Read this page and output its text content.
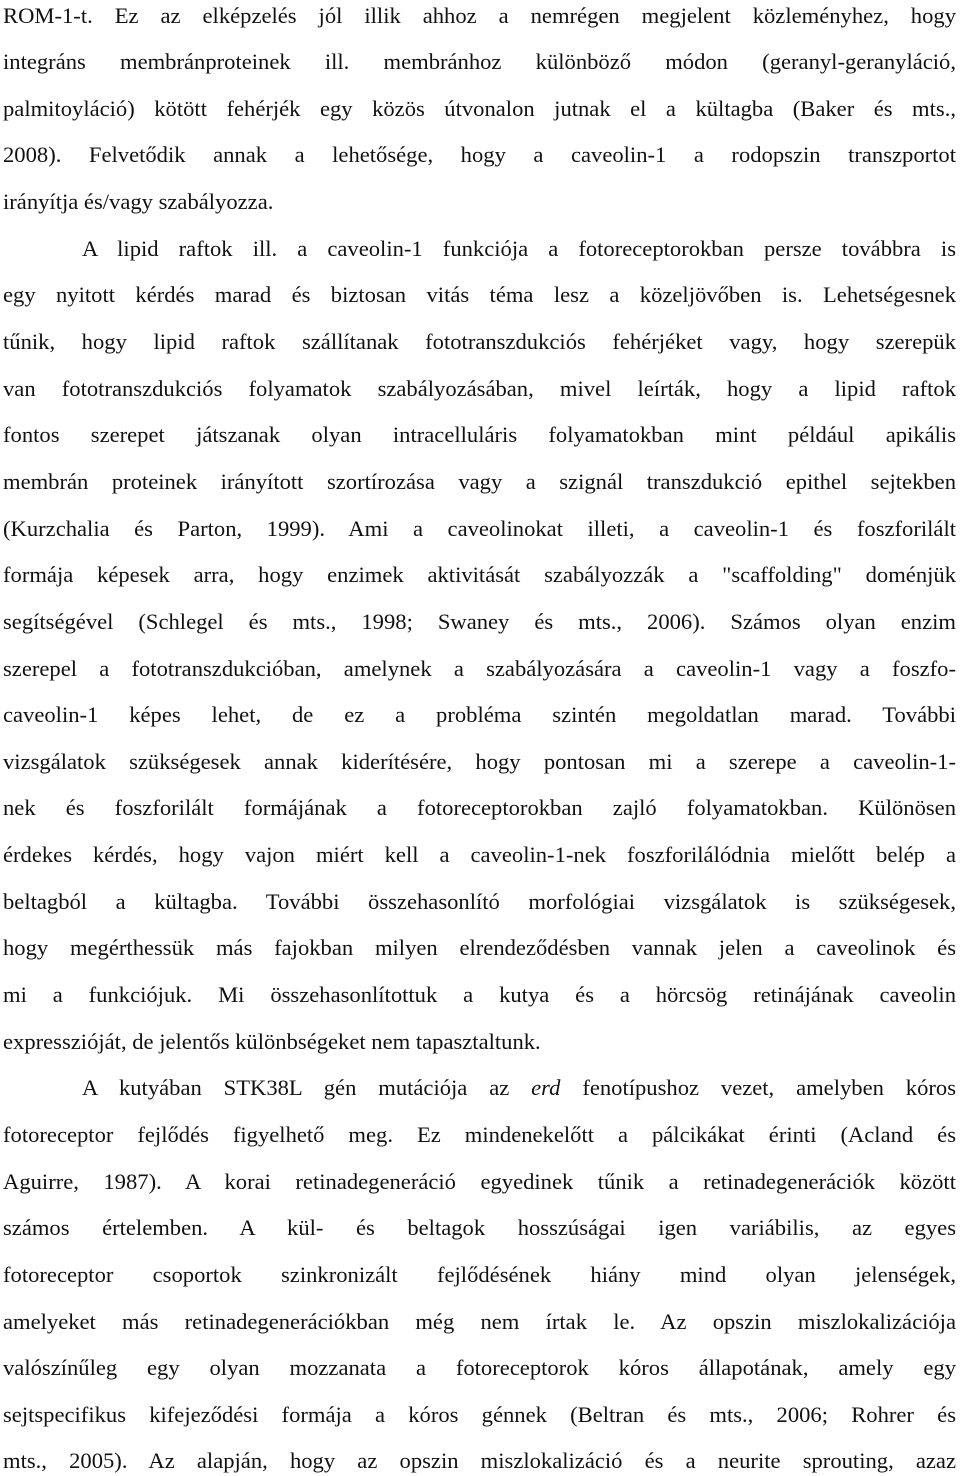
ROM-1-t. Ez az elképzelés jól illik ahhoz a nemrégen megjelent közleményhez, hogy
integráns membránproteinek ill. membránhoz különböző módon (geranyl-geranyláció,
palmitoyláció) kötött fehérjék egy közös útvonalon jutnak el a kültagba (Baker és mts.,
2008). Felvetődik annak a lehetősége, hogy a caveolin-1 a rodopszin transzportot
irányítja és/vagy szabályozza.
A lipid raftok ill. a caveolin-1 funkciója a fotoreceptorokban persze továbbra is
egy nyitott kérdés marad és biztosan vitás téma lesz a közeljövőben is. Lehetségesnek
tűnik, hogy lipid raftok szállítanak fototranszdukciós fehérjéket vagy, hogy szerepük
van fototranszdukciós folyamatok szabályozásában, mivel leírták, hogy a lipid raftok
fontos szerepet játszanak olyan intracelluláris folyamatokban mint például apikális
membrán proteinek irányított szortírozása vagy a szignál transzdukció epithel sejtekben
(Kurzchalia és Parton, 1999). Ami a caveolinokat illeti, a caveolin-1 és foszforilált
formája képesek arra, hogy enzimek aktivitását szabályozzák a "scaffolding" doménjük
segítségével (Schlegel és mts., 1998; Swaney és mts., 2006). Számos olyan enzim
szerepel a fototranszdukcióban, amelynek a szabályozására a caveolin-1 vagy a foszfo-
caveolin-1 képes lehet, de ez a probléma szintén megoldatlan marad. További
vizsgálatok szükségesek annak kiderítésére, hogy pontosan mi a szerepe a caveolin-1-
nek és foszforilált formájának a fotoreceptorokban zajló folyamatokban. Különösen
érdekes kérdés, hogy vajon miért kell a caveolin-1-nek foszforilálódnia mielőtt belép a
beltagból a kültagba. További összehasonlító morfológiai vizsgálatok is szükségesek,
hogy megérthessük más fajokban milyen elrendeződésben vannak jelen a caveolinok és
mi a funkciójuk. Mi összehasonlítottuk a kutya és a hörcsög retinájának caveolin
expresszióját, de jelentős különbségeket nem tapasztaltunk.
A kutyában STK38L gén mutációja az erd fenotípushoz vezet, amelyben kóros
fotoreceptor fejlődés figyelhető meg. Ez mindenekelőtt a pálcikákat érinti (Acland és
Aguirre, 1987). A korai retinadegeneráció egyedinek tűnik a retinadegenerációk között
számos értelemben. A kül- és beltagok hosszúságai igen variábilis, az egyes
fotoreceptor csoportok szinkronizált fejlődésének hiány mind olyan jelenségek,
amelyeket más retinadegenerációkban még nem írtak le. Az opszin miszlokalizációja
valószínűleg egy olyan mozzanata a fotoreceptorok kóros állapotának, amely egy
sejtspecifikus kifejeződési formája a kóros génnek (Beltran és mts., 2006; Rohrer és
mts., 2005). Az alapján, hogy az opszin miszlokalizáció és a neurite sprouting, azaz
